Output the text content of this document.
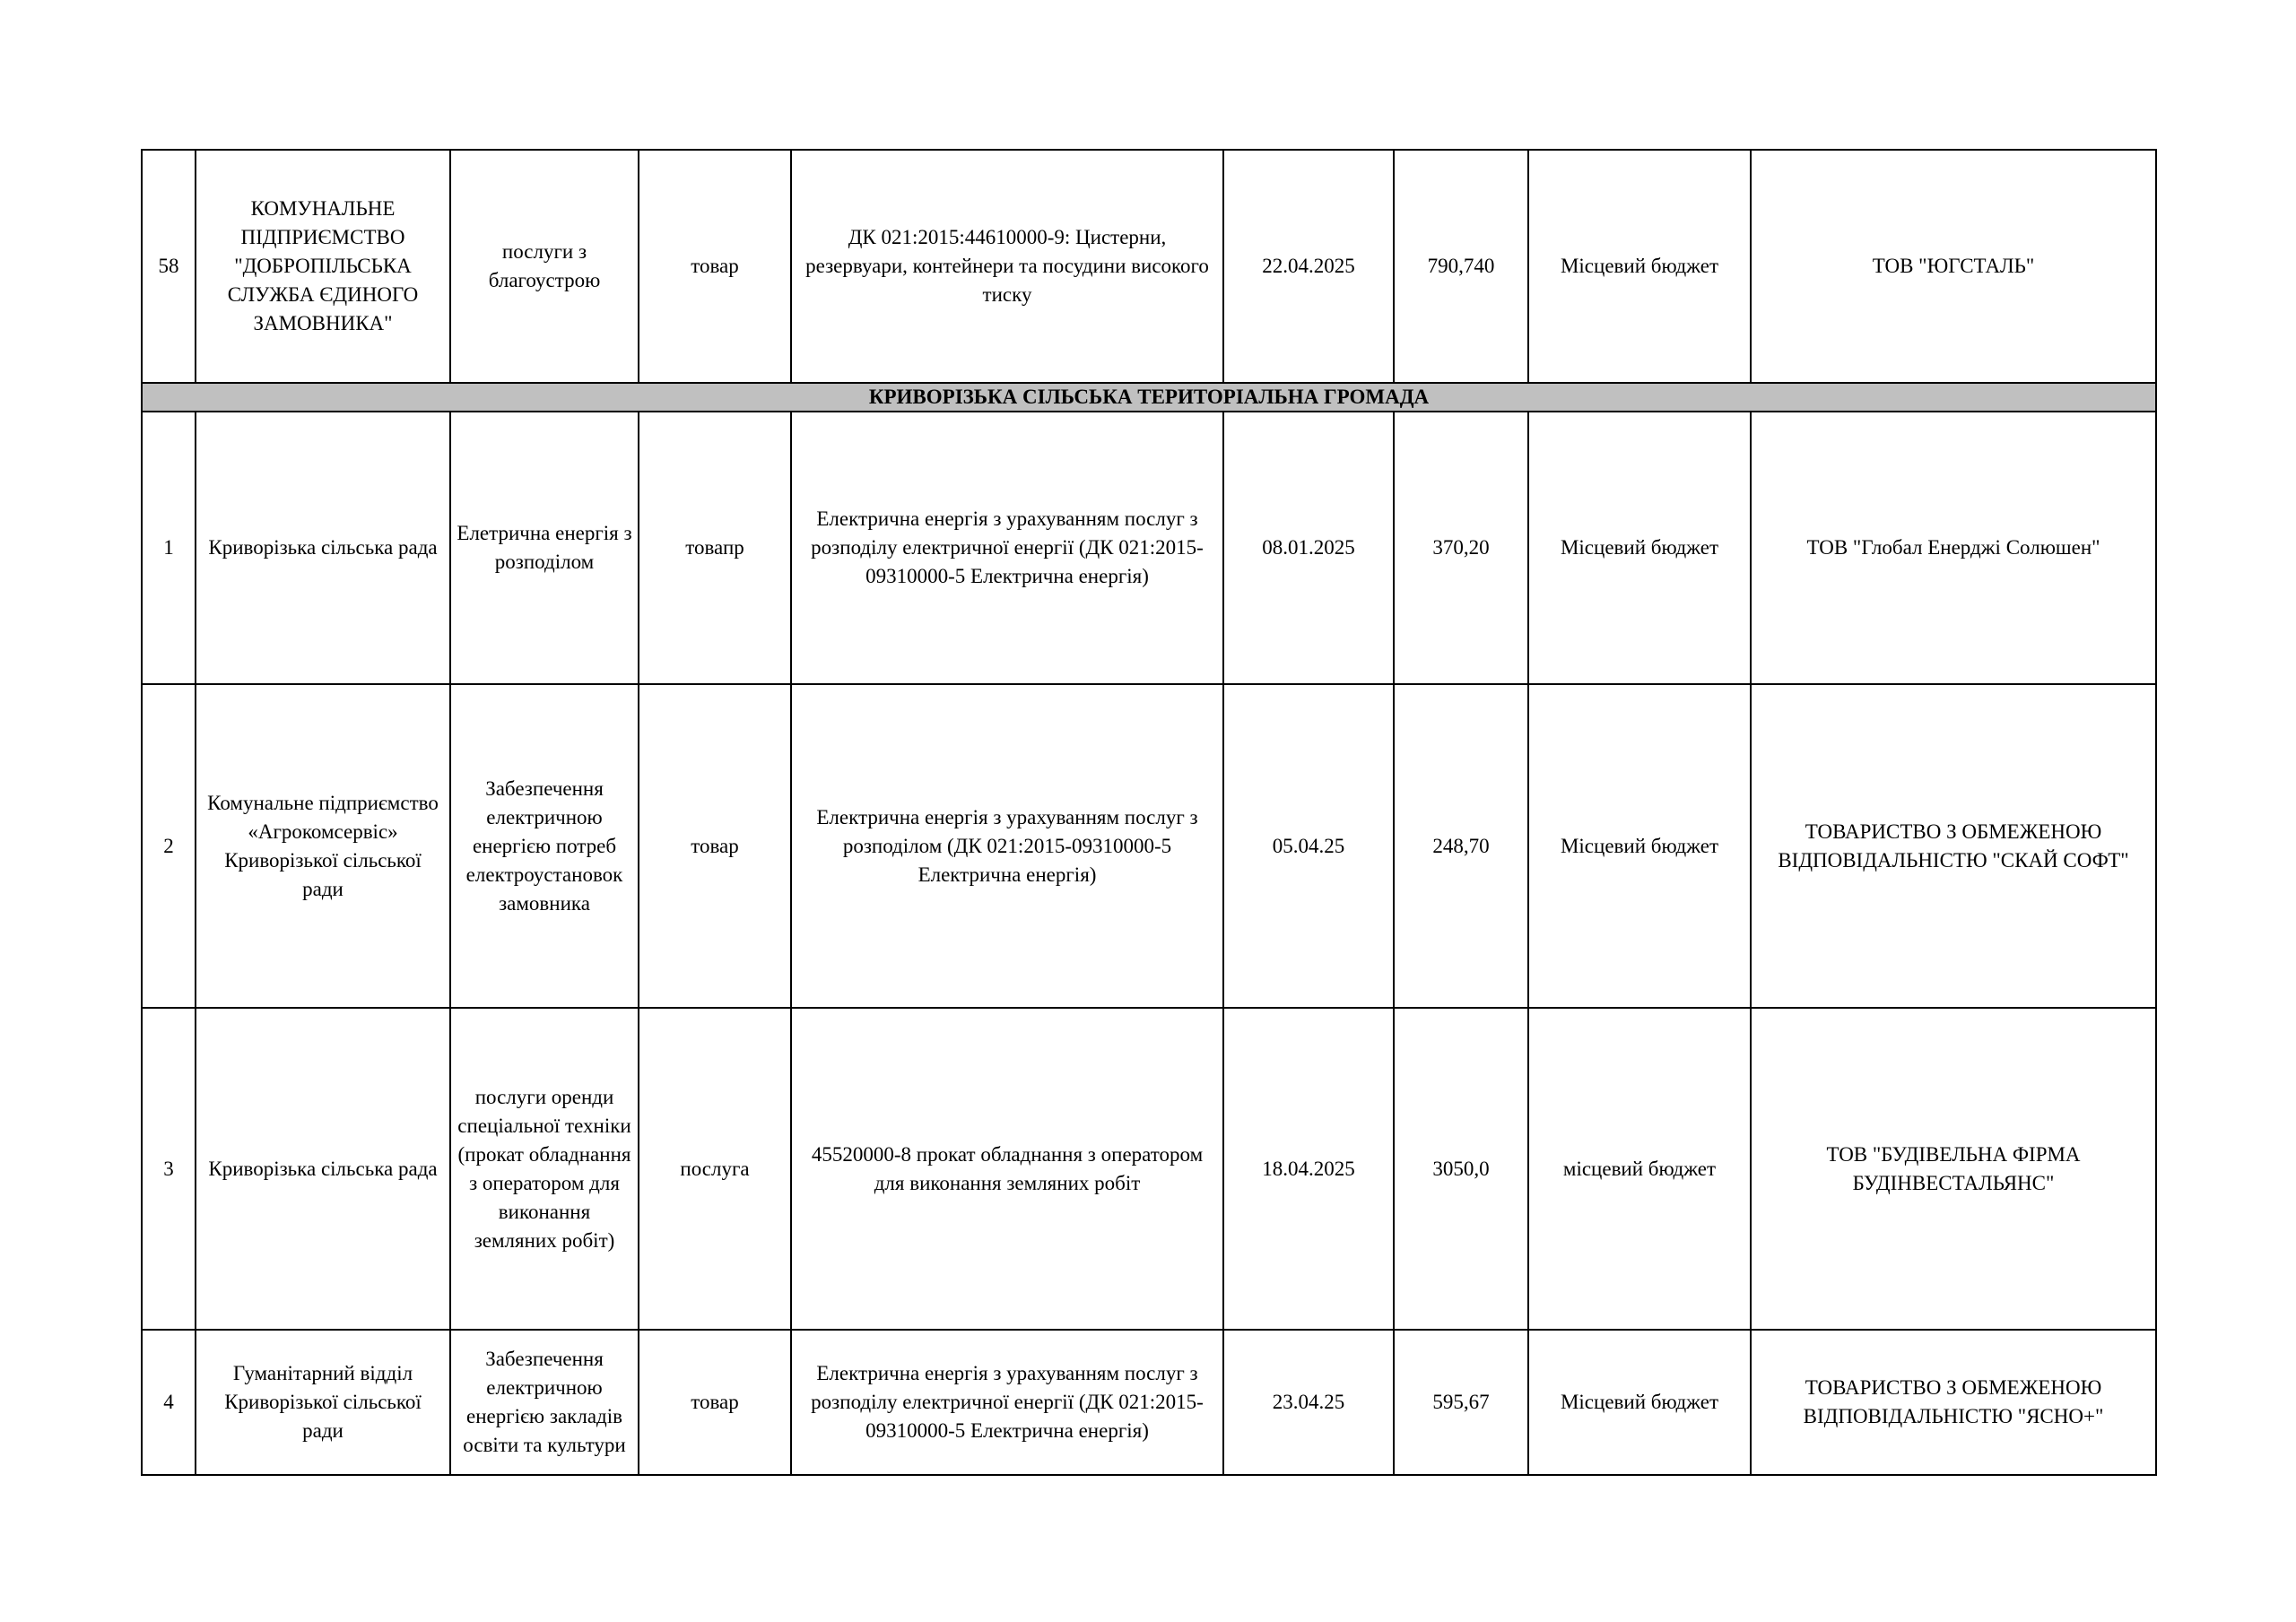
58	КОМУНАЛЬНЕ ПІДПРИЄМСТВО "ДОБРОПІЛЬСЬКА СЛУЖБА ЄДИНОГО ЗАМОВНИКА"	послуги з благоустрою	товар	ДК 021:2015:44610000-9: Цистерни, резервуари, контейнери та посудини високого тиску	22.04.2025	790,740	Місцевий бюджет	ТОВ "ЮГСТАЛЬ"
КРИВОРІЗЬКА СІЛЬСЬКА ТЕРИТОРІАЛЬНА ГРОМАДА								
1	Криворізька сільська рада	Елетрична енергія з розподілом	товапр	Електрична енергія з урахуванням послуг з розподілу електричної енергії (ДК 021:2015-09310000-5 Електрична енергія)	08.01.2025	370,20	Місцевий бюджет	ТОВ "Глобал Енерджі Солюшен"
2	Комунальне підприємство «Агрокомсервіс» Криворізької сільської ради	Забезпечення електричною енергією потреб електроустановок замовника	товар	Електрична енергія з урахуванням послуг з розподілом (ДК 021:2015-09310000-5 Електрична енергія)	05.04.25	248,70	Місцевий бюджет	ТОВАРИСТВО З ОБМЕЖЕНОЮ ВІДПОВІДАЛЬНІСТЮ "СКАЙ СОФТ"
3	Криворізька сільська рада	послуги оренди спеціальної техніки (прокат обладнання з оператором для виконання земляних робіт)	послуга	45520000-8 прокат обладнання з оператором для виконання земляних робіт	18.04.2025	3050,0	місцевий бюджет	ТОВ "БУДІВЕЛЬНА ФІРМА БУДІНВЕСТАЛЬЯНС"
4	Гуманітарний відділ Криворізької сільської ради	Забезпечення електричною енергією закладів освіти та культури	товар	Електрична енергія з урахуванням послуг з розподілу електричної енергії (ДК 021:2015-09310000-5 Електрична енергія)	23.04.25	595,67	Місцевий бюджет	ТОВАРИСТВО З ОБМЕЖЕНОЮ ВІДПОВІДАЛЬНІСТЮ "ЯСНО+"
